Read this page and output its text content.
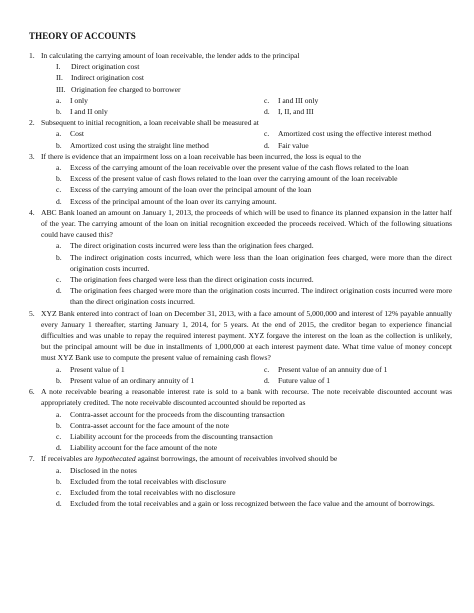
THEORY OF ACCOUNTS
1. In calculating the carrying amount of loan receivable, the lender adds to the principal
I.	Direct origination cost
II.	Indirect origination cost
III. Origination fee charged to borrower
a.	I only	c.	I and III only
b.	I and II only	d.	I, II, and III
2. Subsequent to initial recognition, a loan receivable shall be measured at
a.	Cost	c.	Amortized cost using the effective interest method
b.	Amortized cost using the straight line method	d.	Fair value
3. If there is evidence that an impairment loss on a loan receivable has been incurred, the loss is equal to the
a.	Excess of the carrying amount of the loan receivable over the present value of the cash flows related to the loan
b.	Excess of the present value of cash flows related to the loan over the carrying amount of the loan receivable
c.	Excess of the carrying amount of the loan over the principal amount of the loan
d.	Excess of the principal amount of the loan over its carrying amount.
4. ABC Bank loaned an amount on January 1, 2013, the proceeds of which will be used to finance its planned expansion in the latter half of the year. The carrying amount of the loan on initial recognition exceeded the proceeds received. Which of the following situations could have caused this?
a.	The direct origination costs incurred were less than the origination fees charged.
b.	The indirect origination costs incurred, which were less than the loan origination fees charged, were more than the direct origination costs incurred.
c.	The origination fees charged were less than the direct origination costs incurred.
d.	The origination fees charged were more than the origination costs incurred. The indirect origination costs incurred were more than the direct origination costs incurred.
5. XYZ Bank entered into contract of loan on December 31, 2013, with a face amount of 5,000,000 and interest of 12% payable annually every January 1 thereafter, starting January 1, 2014, for 5 years. At the end of 2015, the creditor began to experience financial difficulties and was unable to repay the required interest payment. XYZ forgave the interest on the loan as the collection is unlikely, but the principal amount will be due in installments of 1,000,000 at each interest payment date. What time value of money concept must XYZ Bank use to compute the present value of remaining cash flows?
a.	Present value of 1	c.	Present value of an annuity due of 1
b.	Present value of an ordinary annuity of 1	d.	Future value of 1
6. A note receivable bearing a reasonable interest rate is sold to a bank with recourse. The note receivable discounted account was appropriately credited. The note receivable discounted accounted should be reported as
a.	Contra-asset account for the proceeds from the discounting transaction
b.	Contra-asset account for the face amount of the note
c.	Liability account for the proceeds from the discounting transaction
d.	Liability account for the face amount of the note
7. If receivables are hypothecated against borrowings, the amount of receivables involved should be
a.	Disclosed in the notes
b.	Excluded from the total receivables with disclosure
c.	Excluded from the total receivables with no disclosure
d.	Excluded from the total receivables and a gain or loss recognized between the face value and the amount of borrowings.
